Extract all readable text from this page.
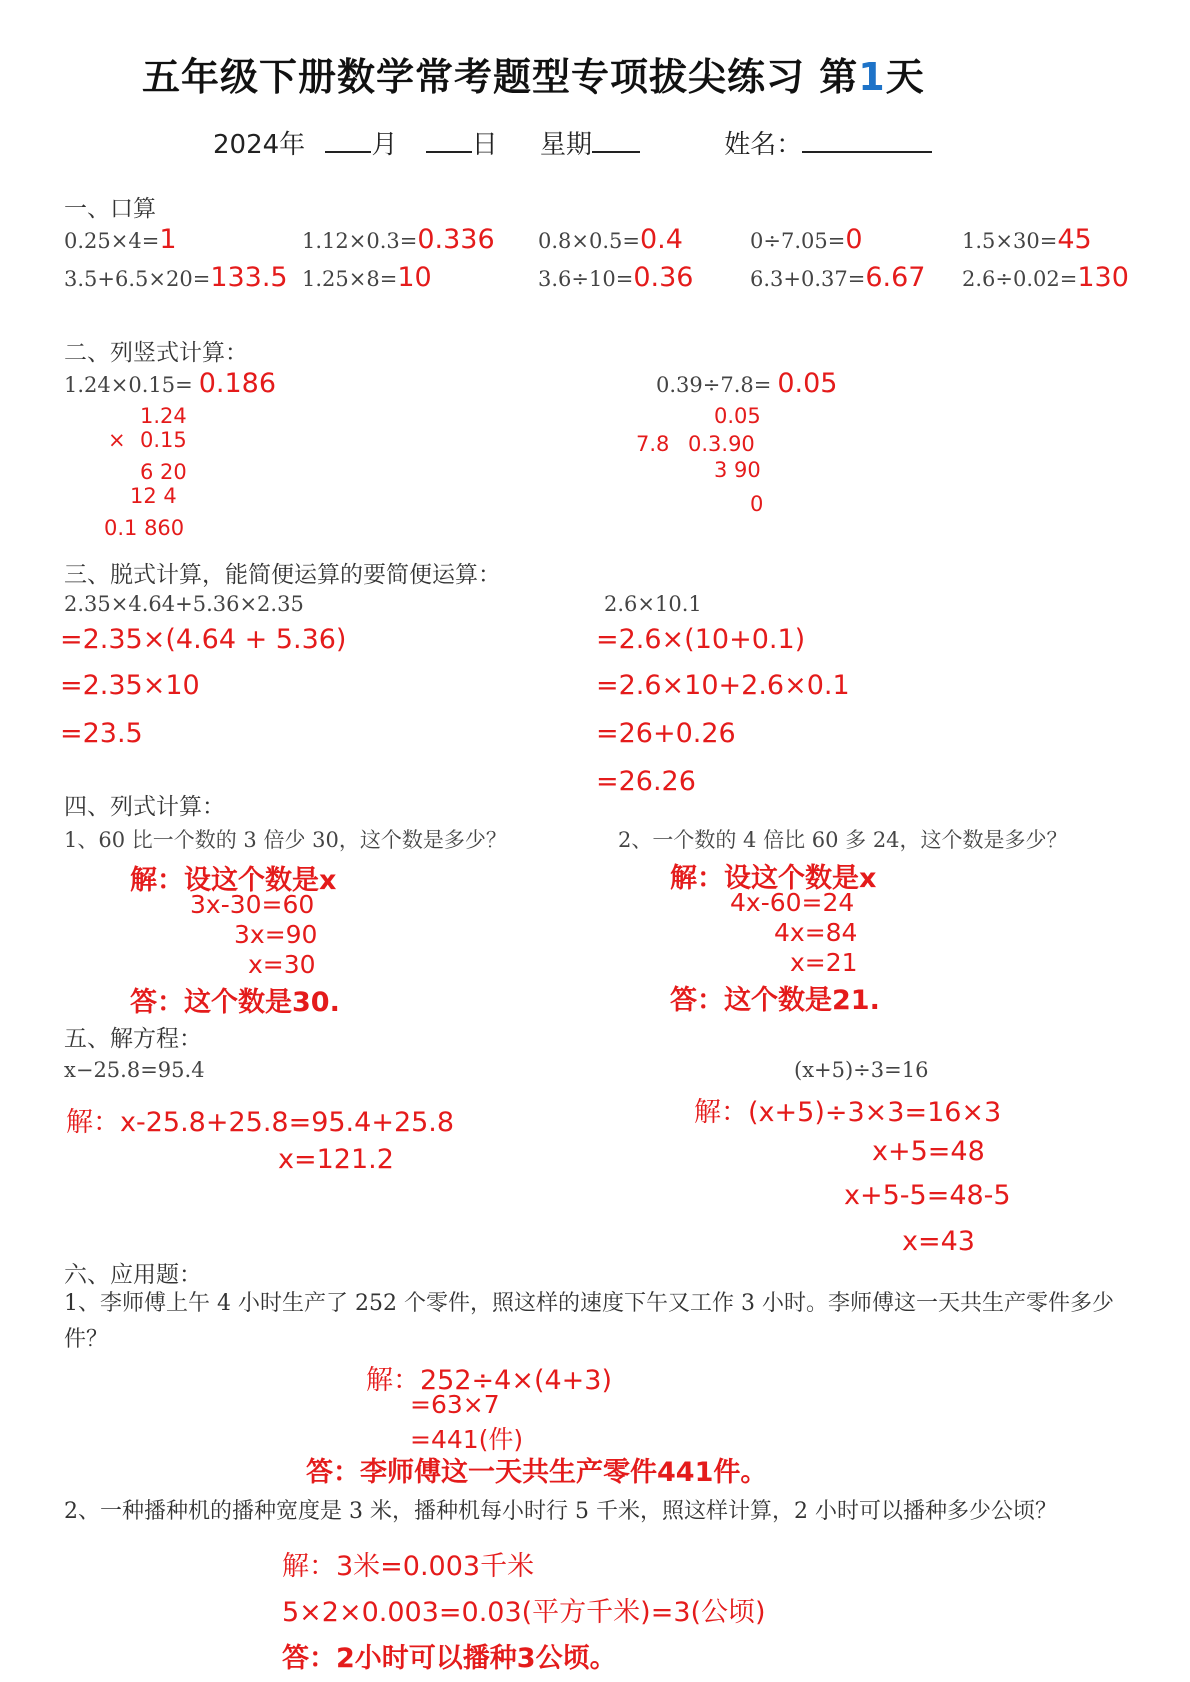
五年级下册数学常考题型专项拔尖练习 第1天
2024年	月	日 星期	姓名：
一、口算
0.25×4=1	1.12×0.3=0.336 0.8×0.5=0.4	0÷7.05=0	1.5×30=45
3.5+6.5×20=133.5 1.25×8=10	3.6÷10=0.36	6.3+0.37=6.67 2.6÷0.02=130
二、列竖式计算：
1.24×0.15= 0.186
1.24
× 0.15
6 20
12 4
0.1 860
0.39÷7.8= 0.05
0.05
7.8 0.3.90
3 90
0
三、脱式计算，能简便运算的要简便运算：
2.35×4.64+5.36×2.35
=2.35×(4.64 + 5.36)
=2.35×10
=23.5
2.6×10.1
=2.6×(10+0.1)
=2.6×10+2.6×0.1
=26+0.26
=26.26
四、列式计算：
1、60 比一个数的 3 倍少 30，这个数是多少？
解：设这个数是x
3x-30=60
3x=90
x=30
答：这个数是30.
2、一个数的 4 倍比 60 多 24，这个数是多少？
解：设这个数是x
4x-60=24
4x=84
x=21
答：这个数是21.
五、解方程：
x−25.8=95.4
解：x-25.8+25.8=95.4+25.8
x=121.2
(x+5)÷3=16
解：(x+5)÷3×3=16×3
x+5=48
x+5-5=48-5
x=43
六、应用题：
1、李师傅上午 4 小时生产了 252 个零件，照这样的速度下午又工作 3 小时。李师傅这一天共生产零件多少件？
解：252÷4×(4+3)
=63×7
=441(件)
答：李师傅这一天共生产零件441件。
2、一种播种机的播种宽度是 3 米，播种机每小时行 5 千米，照这样计算，2 小时可以播种多少公顷？
解：3米=0.003千米
5×2×0.003=0.03(平方千米)=3(公顷)
答：2小时可以播种3公顷。
